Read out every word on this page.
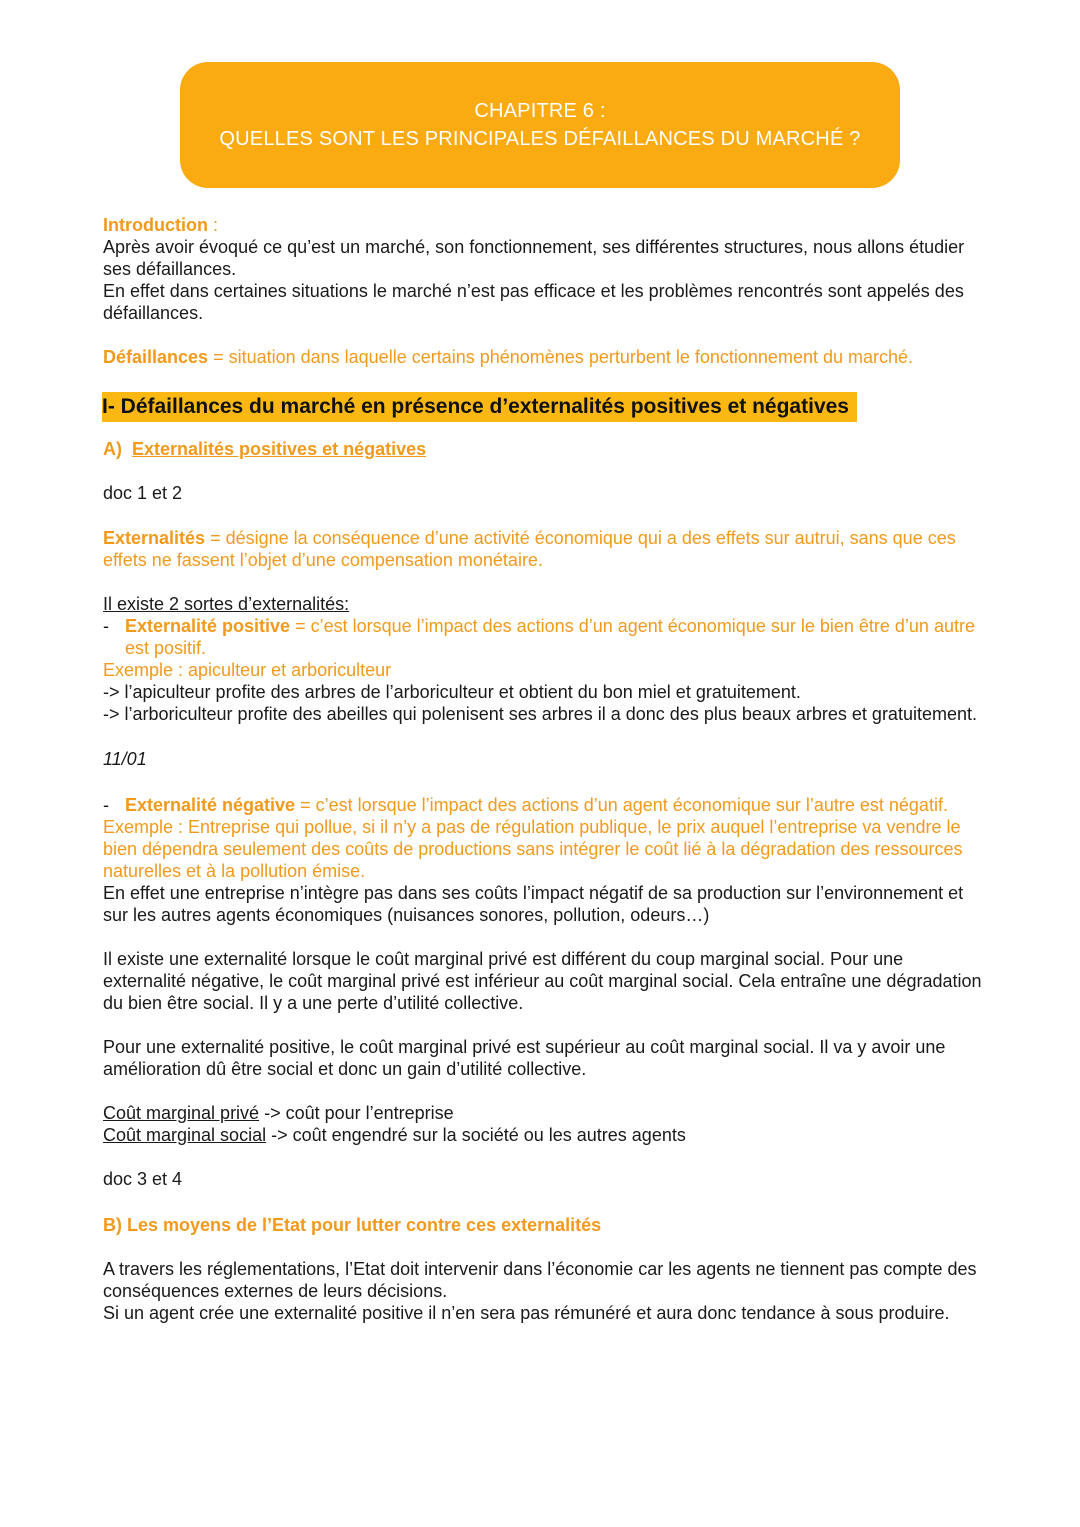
CHAPITRE 6 :
QUELLES SONT LES PRINCIPALES DÉFAILLANCES DU MARCHÉ ?

Introduction :

Après avoir évoqué ce qu’est un marché, son fonctionnement, ses différentes structures, nous allons étudier ses défaillances.

En effet dans certaines situations le marché n’est pas efficace et les problèmes rencontrés sont appelés des défaillances.

Défaillances = situation dans laquelle certains phénomènes perturbent le fonctionnement du marché.

I- Défaillances du marché en présence d’externalités positives et négatives

A) Externalités positives et négatives

doc 1 et 2

Externalités = désigne la conséquence d’une activité économique qui a des effets sur autrui, sans que ces effets ne fassent l’objet d’une compensation monétaire.

Il existe 2 sortes d’externalités:

- Externalité positive = c’est lorsque l’impact des actions d’un agent économique sur le bien être d’un autre est positif.

Exemple : apiculteur et arboriculteur

-> l’apiculteur profite des arbres de l’arboriculteur et obtient du bon miel et gratuitement.

-> l’arboriculteur profite des abeilles qui polenisent ses arbres il a donc des plus beaux arbres et gratuitement.

11/01

- Externalité négative = c’est lorsque l’impact des actions d’un agent économique sur l’autre est négatif.

Exemple : Entreprise qui pollue, si il n’y a pas de régulation publique, le prix auquel l’entreprise va vendre le bien dépendra seulement des coûts de productions sans intégrer le coût lié à la dégradation des ressources naturelles et à la pollution émise.

En effet une entreprise n’intègre pas dans ses coûts l’impact négatif de sa production sur l’environnement et sur les autres agents économiques (nuisances sonores, pollution, odeurs…)

Il existe une externalité lorsque le coût marginal privé est différent du coup marginal social. Pour une externalité négative, le coût marginal privé est inférieur au coût marginal social. Cela entraîne une dégradation du bien être social. Il y a une perte d’utilité collective.

Pour une externalité positive, le coût marginal privé est supérieur au coût marginal social. Il va y avoir une amélioration dû être social et donc un gain d’utilité collective.

Coût marginal privé -> coût pour l’entreprise

Coût marginal social -> coût engendré sur la société ou les autres agents

doc 3 et 4

B) Les moyens de l’Etat pour lutter contre ces externalités

A travers les réglementations, l’Etat doit intervenir dans l’économie car les agents ne tiennent pas compte des conséquences externes de leurs décisions.

Si un agent crée une externalité positive il n’en sera pas rémunéré et aura donc tendance à sous produire.
